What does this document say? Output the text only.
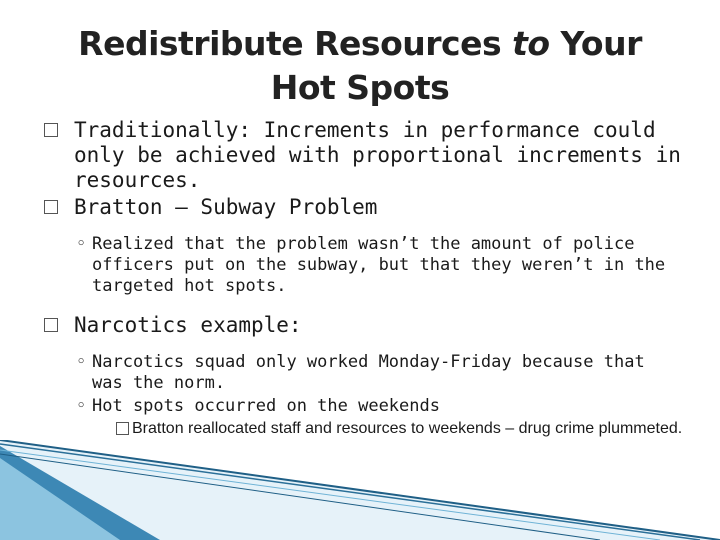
Redistribute Resources to Your Hot Spots
Traditionally: Increments in performance could only be achieved with proportional increments in resources.
Bratton – Subway Problem
◦ Realized that the problem wasn’t the amount of police officers put on the subway, but that they weren’t in the targeted hot spots.
Narcotics example:
◦ Narcotics squad only worked Monday-Friday because that was the norm.
◦ Hot spots occurred on the weekends
Bratton reallocated staff and resources to weekends – drug crime plummeted.
